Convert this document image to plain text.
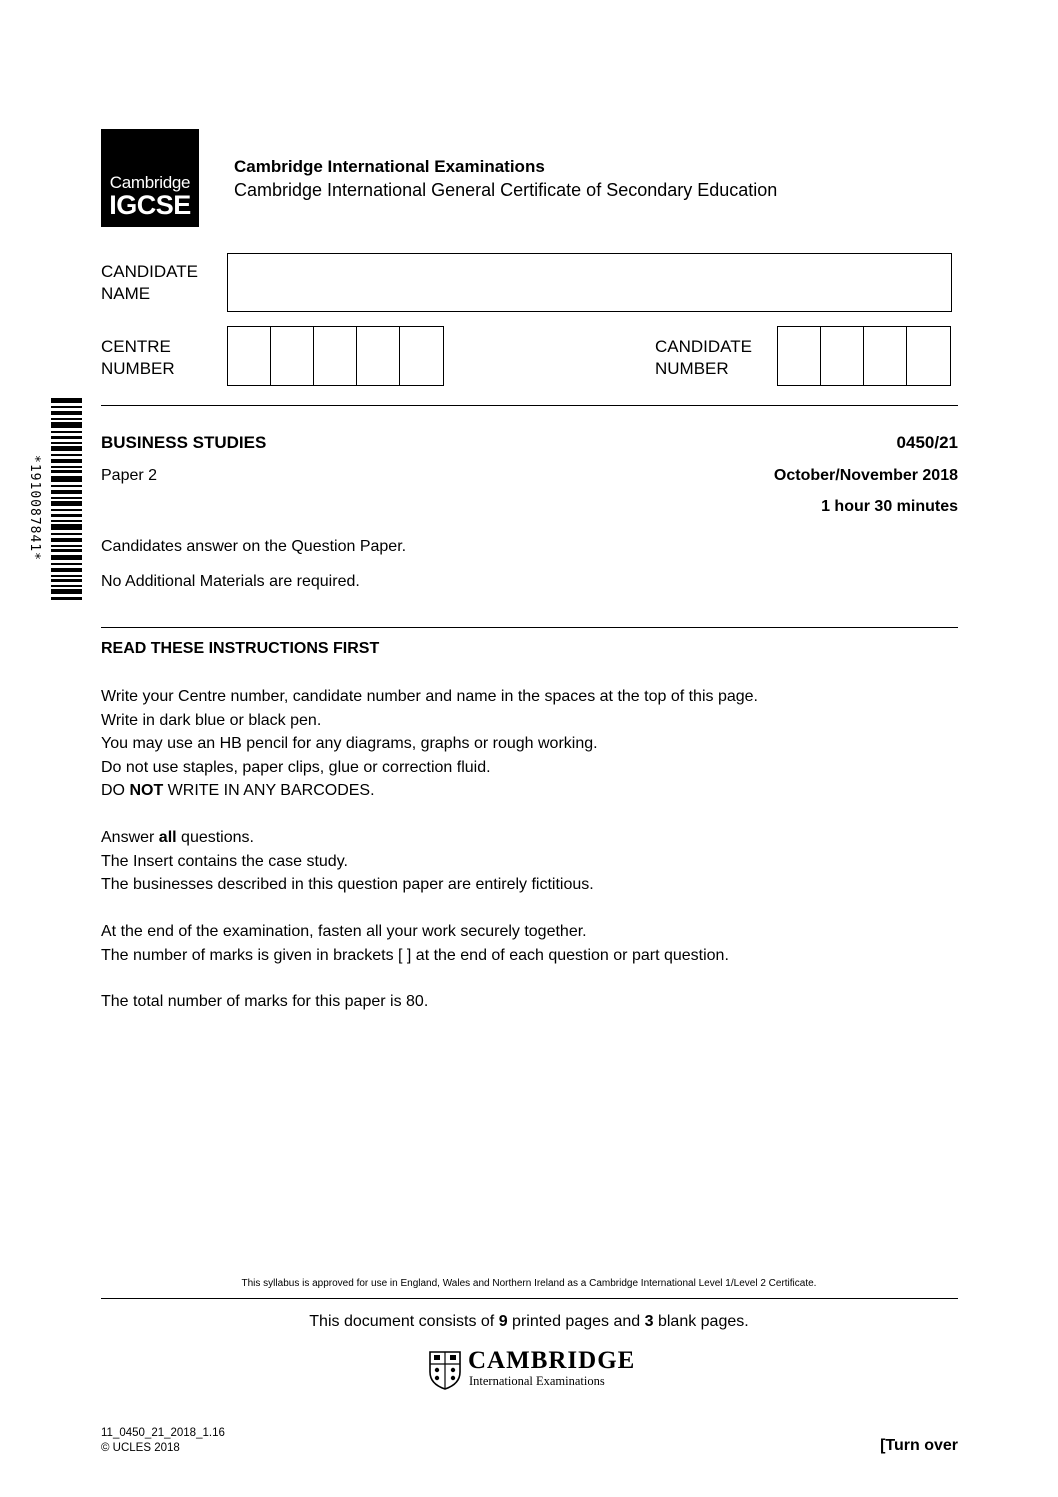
Cambridge
IGCSE
Cambridge International Examinations
Cambridge International General Certificate of Secondary Education
CANDIDATE
NAME
CENTRE
NUMBER
CANDIDATE
NUMBER
*1910087841*
BUSINESS STUDIES	0450/21
Paper 2	October/November 2018
1 hour 30 minutes
Candidates answer on the Question Paper.
No Additional Materials are required.
READ THESE INSTRUCTIONS FIRST
Write your Centre number, candidate number and name in the spaces at the top of this page.
Write in dark blue or black pen.
You may use an HB pencil for any diagrams, graphs or rough working.
Do not use staples, paper clips, glue or correction fluid.
DO NOT WRITE IN ANY BARCODES.
Answer all questions.
The Insert contains the case study.
The businesses described in this question paper are entirely fictitious.
At the end of the examination, fasten all your work securely together.
The number of marks is given in brackets [ ] at the end of each question or part question.
The total number of marks for this paper is 80.
This syllabus is approved for use in England, Wales and Northern Ireland as a Cambridge International Level 1/Level 2 Certificate.
This document consists of 9 printed pages and 3 blank pages.
CAMBRIDGE
International Examinations
11_0450_21_2018_1.16
© UCLES 2018	[Turn over
